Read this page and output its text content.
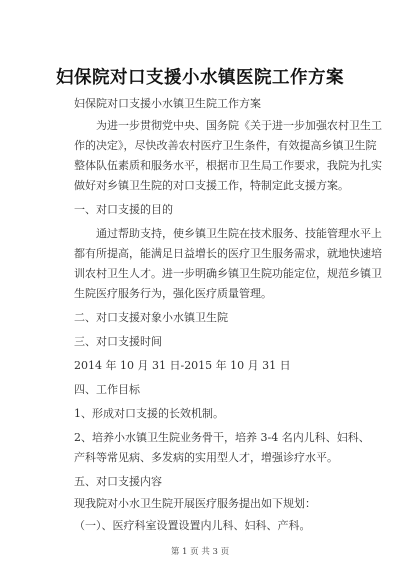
妇保院对口支援小水镇医院工作方案
妇保院对口支援小水镇卫生院工作方案
为进一步贯彻党中央、国务院《关于进一步加强农村卫生工
作的决定》，尽快改善农村医疗卫生条件，有效提高乡镇卫生院
整体队伍素质和服务水平，根据市卫生局工作要求，我院为扎实
做好对乡镇卫生院的对口支援工作，特制定此支援方案。
一、对口支援的目的
通过帮助支持，使乡镇卫生院在技术服务、技能管理水平上
都有所提高，能满足日益增长的医疗卫生服务需求，就地快速培
训农村卫生人才。进一步明确乡镇卫生院功能定位，规范乡镇卫
生院医疗服务行为，强化医疗质量管理。
二、对口支援对象小水镇卫生院
三、对口支援时间
2014 年 10 月 31 日-2015 年 10 月 31 日
四、工作目标
1、形成对口支援的长效机制。
2、培养小水镇卫生院业务骨干，培养 3-4 名内儿科、妇科、
产科等常见病、多发病的实用型人才，增强诊疗水平。
五、对口支援内容
现我院对小水卫生院开展医疗服务提出如下规划：
（一）、医疗科室设置设置内儿科、妇科、产科。
第 1 页 共 3 页
